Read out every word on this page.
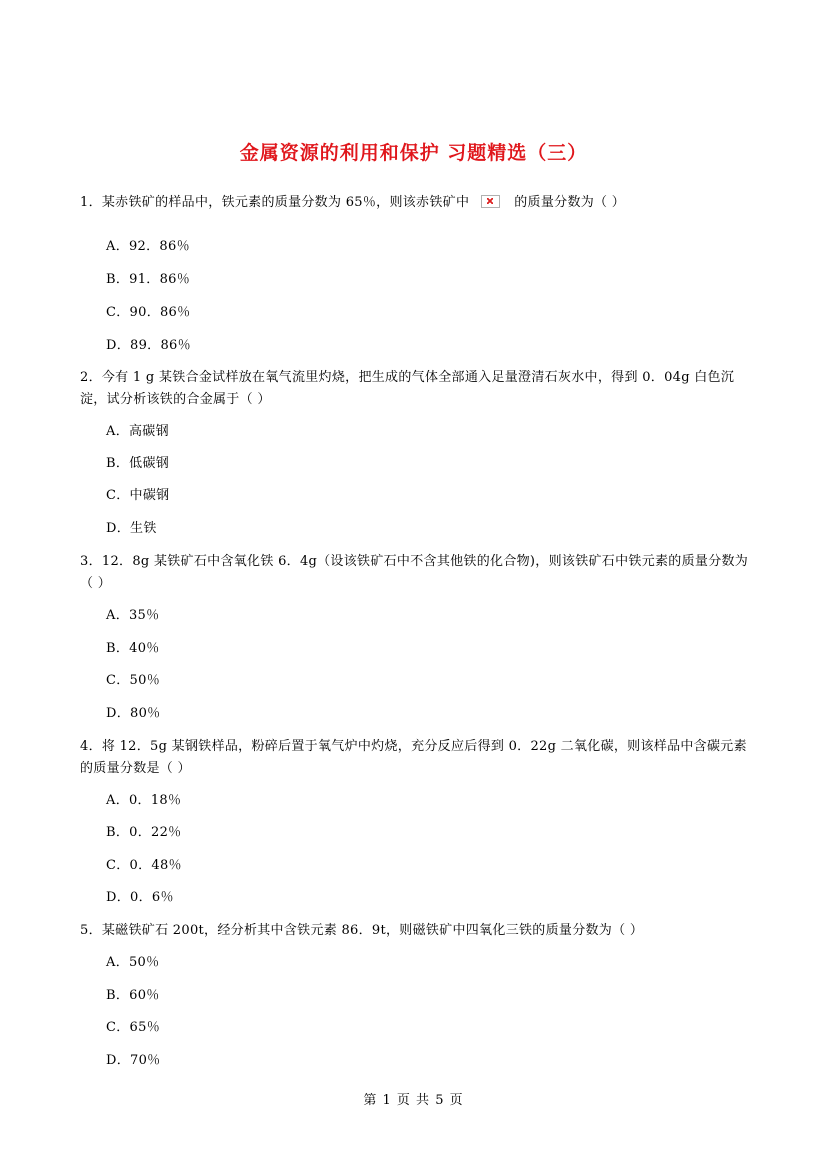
金属资源的利用和保护 习题精选（三）
1．某赤铁矿的样品中，铁元素的质量分数为 65％，则该赤铁矿中	的质量分数为（ ）
A．92．86％
B．91．86％
C．90．86％
D．89．86％
2．今有 1 g 某铁合金试样放在氧气流里灼烧，把生成的气体全部通入足量澄清石灰水中，得到 0．04g 白色沉淀，试分析该铁的合金属于（ ）
A．高碳钢
B．低碳钢
C．中碳钢
D．生铁
3．12．8g 某铁矿石中含氧化铁 6．4g（设该铁矿石中不含其他铁的化合物)，则该铁矿石中铁元素的质量分数为（ ）
A．35％
B．40％
C．50％
D．80％
4．将 12．5g 某钢铁样品，粉碎后置于氧气炉中灼烧，充分反应后得到 0．22g 二氧化碳，则该样品中含碳元素的质量分数是（ ）
A．0．18％
B．0．22％
C．0．48％
D．0．6％
5．某磁铁矿石 200t，经分析其中含铁元素 86．9t，则磁铁矿中四氧化三铁的质量分数为（ ）
A．50％
B．60％
C．65％
D．70％
第 1 页 共 5 页
